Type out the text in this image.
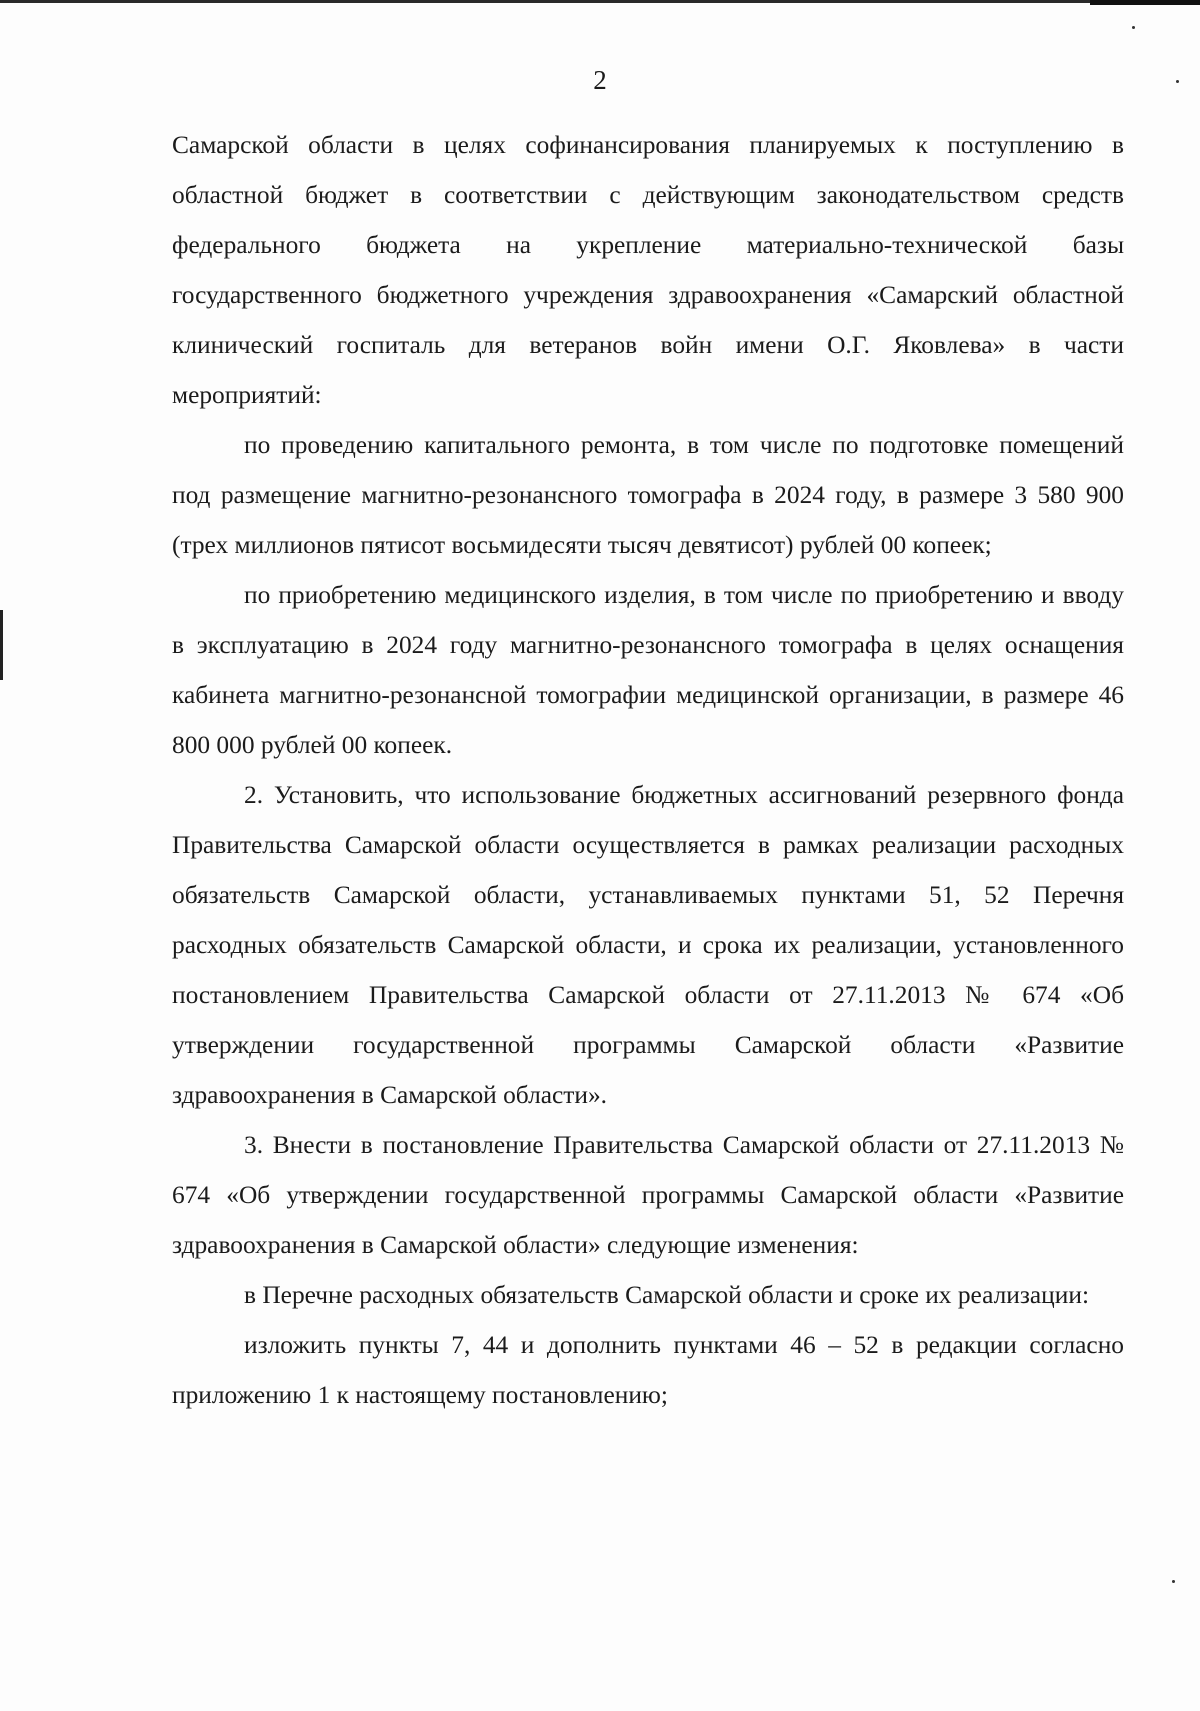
2

Самарской области в целях софинансирования планируемых к поступлению в областной бюджет в соответствии с действующим законодательством средств федерального бюджета на укрепление материально-технической базы государственного бюджетного учреждения здравоохранения «Самарский областной клинический госпиталь для ветеранов войн имени О.Г. Яковлева» в части мероприятий:

по проведению капитального ремонта, в том числе по подготовке помещений под размещение магнитно-резонансного томографа в 2024 году, в размере 3 580 900 (трех миллионов пятисот восьмидесяти тысяч девятисот) рублей 00 копеек;

по приобретению медицинского изделия, в том числе по приобретению и вводу в эксплуатацию в 2024 году магнитно-резонансного томографа в целях оснащения кабинета магнитно-резонансной томографии медицинской организации, в размере 46 800 000 рублей 00 копеек.

2. Установить, что использование бюджетных ассигнований резервного фонда Правительства Самарской области осуществляется в рамках реализации расходных обязательств Самарской области, устанавливаемых пунктами 51, 52 Перечня расходных обязательств Самарской области, и срока их реализации, установленного постановлением Правительства Самарской области от 27.11.2013 № 674 «Об утверждении государственной программы Самарской области «Развитие здравоохранения в Самарской области».

3. Внести в постановление Правительства Самарской области от 27.11.2013 № 674 «Об утверждении государственной программы Самарской области «Развитие здравоохранения в Самарской области» следующие изменения:

в Перечне расходных обязательств Самарской области и сроке их реализации:

изложить пункты 7, 44 и дополнить пунктами 46 – 52 в редакции согласно приложению 1 к настоящему постановлению;
